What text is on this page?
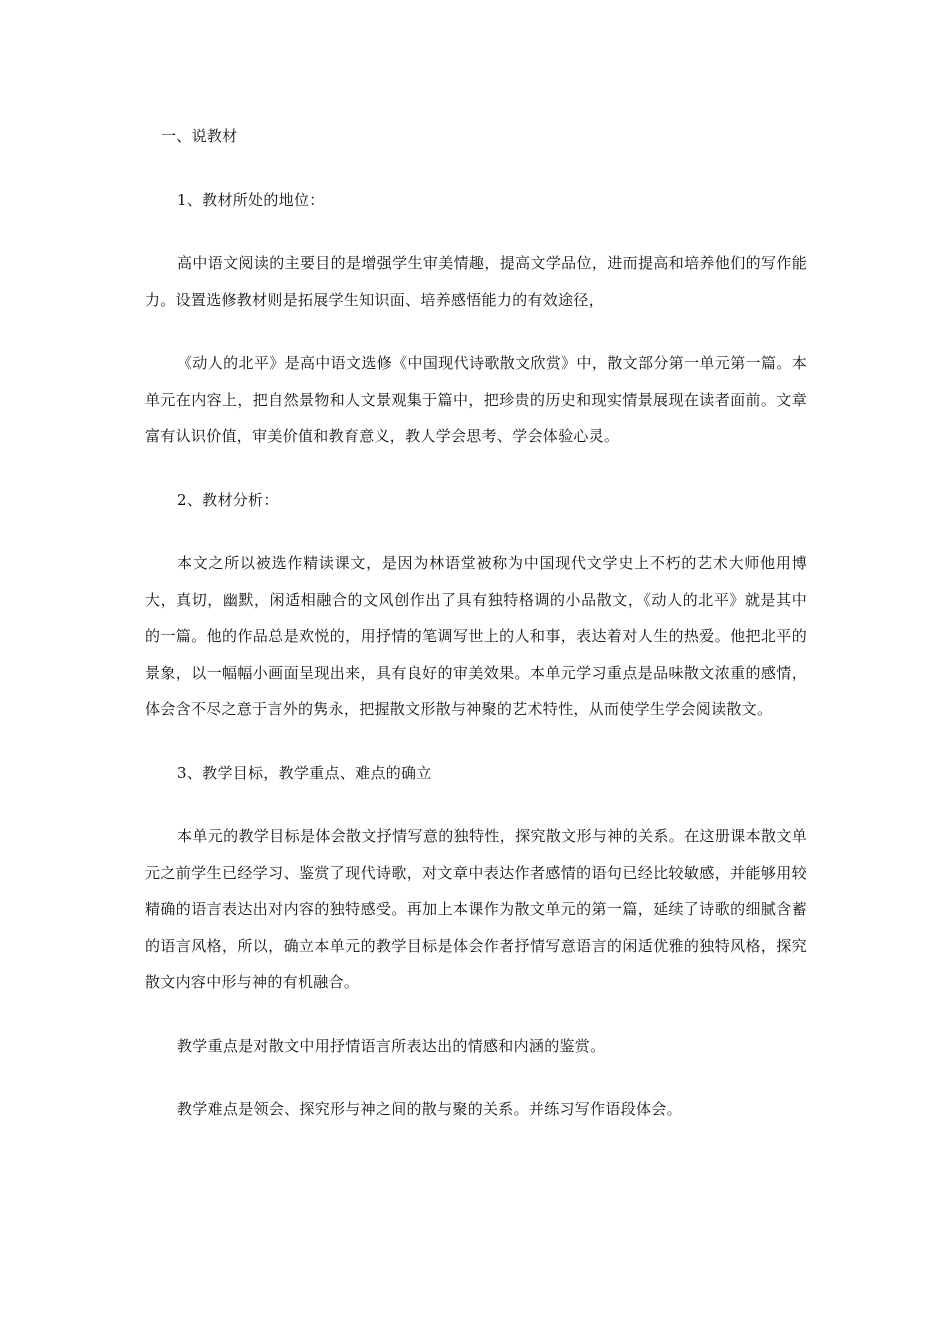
一、说教材

1、教材所处的地位：

高中语文阅读的主要目的是增强学生审美情趣，提高文学品位，进而提高和培养他们的写作能力。设置选修教材则是拓展学生知识面、培养感悟能力的有效途径，

《动人的北平》是高中语文选修《中国现代诗歌散文欣赏》中，散文部分第一单元第一篇。本单元在内容上，把自然景物和人文景观集于篇中，把珍贵的历史和现实情景展现在读者面前。文章富有认识价值，审美价值和教育意义，教人学会思考、学会体验心灵。

2、教材分析：

本文之所以被选作精读课文，是因为林语堂被称为中国现代文学史上不朽的艺术大师他用博大，真切，幽默，闲适相融合的文风创作出了具有独特格调的小品散文，《动人的北平》就是其中的一篇。他的作品总是欢悦的，用抒情的笔调写世上的人和事，表达着对人生的热爱。他把北平的景象，以一幅幅小画面呈现出来，具有良好的审美效果。本单元学习重点是品味散文浓重的感情，体会含不尽之意于言外的隽永，把握散文形散与神聚的艺术特性，从而使学生学会阅读散文。

3、教学目标，教学重点、难点的确立

本单元的教学目标是体会散文抒情写意的独特性，探究散文形与神的关系。在这册课本散文单元之前学生已经学习、鉴赏了现代诗歌，对文章中表达作者感情的语句已经比较敏感，并能够用较精确的语言表达出对内容的独特感受。再加上本课作为散文单元的第一篇，延续了诗歌的细腻含蓄的语言风格，所以，确立本单元的教学目标是体会作者抒情写意语言的闲适优雅的独特风格，探究散文内容中形与神的有机融合。

教学重点是对散文中用抒情语言所表达出的情感和内涵的鉴赏。

教学难点是领会、探究形与神之间的散与聚的关系。并练习写作语段体会。
